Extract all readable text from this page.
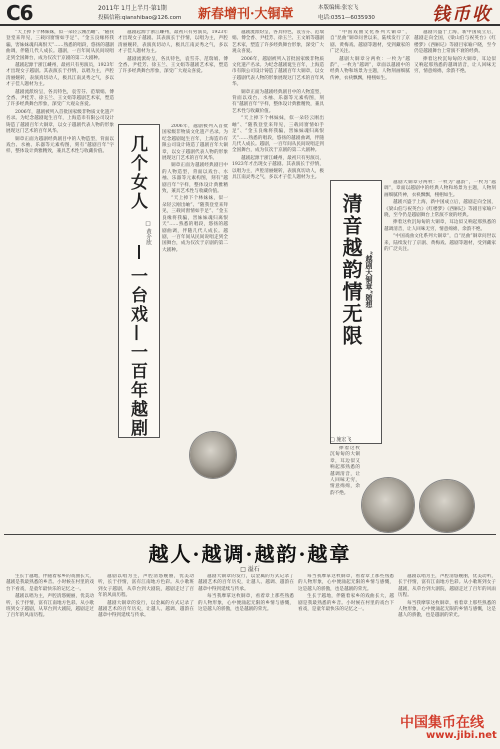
C6	2011年 1月上半月·第1期
投稿信箱:qianshibao@126.com 新春增刊·大铜章	本版编辑:张宏飞
电话:0351—6035930	钱币收

“天上掉下个林妹妹，似一朵轻云刚出岫”、“随我登堂来拜见，三载同窗情如手足”、“金玉良缘将我骗，害妹妹魂归离恨天”……熟悉的唱段，悠扬的越剧曲调，伴随几代人成长。越剧，一百年间从民间说唱走到全国舞台，成为仅次于京剧的第二大剧种。

越剧起源于浙江嵊州，最初只有男演员，1923年才出现女子越剧。其表演长于抒情，以唱为主，声腔清丽婉转，表演真切动人，极具江南灵秀之气，多以才子佳人题材为主。

越剧流派纷呈，各具特色，袁雪芬、范瑞娟、傅全香、尹桂芳、徐玉兰、王文娟等越剧艺术家，塑造了许多经典舞台形象，深受广大观众喜爱。

2006年，越剧被列入首批国家级非物质文化遗产名录。为纪念越剧诞生百年，上海造币有限公司设计铸造了越剧百年大铜章，以女子越剧代表人物的形象展现这门艺术的百年风华。

铜章正面为越剧经典剧目中的人物造型，背面以戏台、水袖、乐器等元素构图，刻有“越剧百年”字样，整体设计典雅精致，兼具艺术性与收藏价值。

越剧起源于浙江嵊州，最初只有男演员，1923年才出现女子越剧。其表演长于抒情，以唱为主，声腔清丽婉转，表演真切动人，极具江南灵秀之气，多以才子佳人题材为主。

越剧流派纷呈，各具特色，袁雪芬、范瑞娟、傅全香、尹桂芳、徐玉兰、王文娟等越剧艺术家，塑造了许多经典舞台形象，深受广大观众喜爱。

2006年，越剧被列入首批国家级非物质文化遗产名录。为纪念越剧诞生百年，上海造币有限公司设计铸造了越剧百年大铜章，以女子越剧代表人物的形象展现这门艺术的百年风华。

铜章正面为越剧经典剧目中的人物造型，背面以戏台、水袖、乐器等元素构图，刻有“越剧百年”字样，整体设计典雅精致，兼具艺术性与收藏价值。

“天上掉下个林妹妹，似一朵轻云刚出岫”、“随我登堂来拜见，三载同窗情如手足”、“金玉良缘将我骗，害妹妹魂归离恨天”……熟悉的唱段，悠扬的越剧曲调，伴随几代人成长。越剧，一百年间从民间说唱走到全国舞台，成为仅次于京剧的第二大剧种。

越剧流派纷呈，各具特色，袁雪芬、范瑞娟、傅全香、尹桂芳、徐玉兰、王文娟等越剧艺术家，塑造了许多经典舞台形象，深受广大观众喜爱。

2006年，越剧被列入首批国家级非物质文化遗产名录。为纪念越剧诞生百年，上海造币有限公司设计铸造了越剧百年大铜章，以女子越剧代表人物的形象展现这门艺术的百年风华。

铜章正面为越剧经典剧目中的人物造型，背面以戏台、水袖、乐器等元素构图，刻有“越剧百年”字样，整体设计典雅精致，兼具艺术性与收藏价值。

“天上掉下个林妹妹，似一朵轻云刚出岫”、“随我登堂来拜见，三载同窗情如手足”、“金玉良缘将我骗，害妹妹魂归离恨天”……熟悉的唱段，悠扬的越剧曲调，伴随几代人成长。越剧，一百年间从民间说唱走到全国舞台，成为仅次于京剧的第二大剧种。

越剧起源于浙江嵊州，最初只有男演员，1923年才出现女子越剧。其表演长于抒情，以唱为主，声腔清丽婉转，表演真切动人，极具江南灵秀之气，多以才子佳人题材为主。

几个女人
一台戏—一百年越剧
□ 黄介欣

“中国戏曲文化系列大铜章”，自“昆曲”铜章问世以来，陆续发行了京剧、黄梅戏、越剧等题材，受到藏家的广泛关注。

越剧大铜章分两枚：一枚为“越韵”，一枚为“越调”，章面以越剧中的经典人物和场景为主题，人物刻画细腻传神，衣袂飘飘，栩栩如生。

越剧兴盛于上海，新中国成立后，越剧走向全国，《梁山伯与祝英台》《红楼梦》《西厢记》等剧目家喻户晓，至今仍是越剧舞台上常演不衰的经典。

捧着这枚沉甸甸的大铜章，耳边似又响起那熟悉的越调清音，让人回味无穷，情意绵绵，余韵不绝。

清音越韵情无限 “越剧大铜章”随想

越剧大铜章分两枚：一枚为“越韵”，一枚为“越调”，章面以越剧中的经典人物和场景为主题，人物刻画细腻传神，衣袂飘飘，栩栩如生。

越剧兴盛于上海，新中国成立后，越剧走向全国，《梁山伯与祝英台》《红楼梦》《西厢记》等剧目家喻户晓，至今仍是越剧舞台上常演不衰的经典。

捧着这枚沉甸甸的大铜章，耳边似又响起那熟悉的越调清音，让人回味无穷，情意绵绵，余韵不绝。

“中国戏曲文化系列大铜章”，自“昆曲”铜章问世以来，陆续发行了京剧、黄梅戏、越剧等题材，受到藏家的广泛关注。

捧着这枚沉甸甸的大铜章，耳边似又响起那熟悉的越调清音，让人回味无穷，情意绵绵，余韵不绝。

□ 施宏飞
越人·越调·越韵·越章
□ 溢石

生长于越地，伴随着家乡的戏曲长大，越剧是我最熟悉的乡音。小时候在村里的戏台下看戏，是童年最快乐的记忆之一。

越剧以唱为主，声腔清悠婉丽，优美动听，长于抒情，富有江南地方色彩。从小歌班到女子越剧，从草台到大剧院，越剧走过了百年的风雨历程。

越剧以唱为主，声腔清悠婉丽，优美动听，长于抒情，富有江南地方色彩。从小歌班到女子越剧，从草台到大剧院，越剧走过了百年的风雨历程。

越剧大铜章的发行，以金属的方式记录了越剧艺术的百年历史，让越人、越调、越韵在越章中得到延续与传承。

越剧大铜章的发行，以金属的方式记录了越剧艺术的百年历史，让越人、越调、越韵在越章中得到延续与传承。

每当我摩挲这枚铜章，看着章上那些熟悉的人物形象，心中便涌起无限的乡情与感慨，这是越人的骄傲，也是越剧的荣光。

每当我摩挲这枚铜章，看着章上那些熟悉的人物形象，心中便涌起无限的乡情与感慨，这是越人的骄傲，也是越剧的荣光。

生长于越地，伴随着家乡的戏曲长大，越剧是我最熟悉的乡音。小时候在村里的戏台下看戏，是童年最快乐的记忆之一。

越剧以唱为主，声腔清悠婉丽，优美动听，长于抒情，富有江南地方色彩。从小歌班到女子越剧，从草台到大剧院，越剧走过了百年的风雨历程。

每当我摩挲这枚铜章，看着章上那些熟悉的人物形象，心中便涌起无限的乡情与感慨，这是越人的骄傲，也是越剧的荣光。

中国集币在线
www.jibi.net
